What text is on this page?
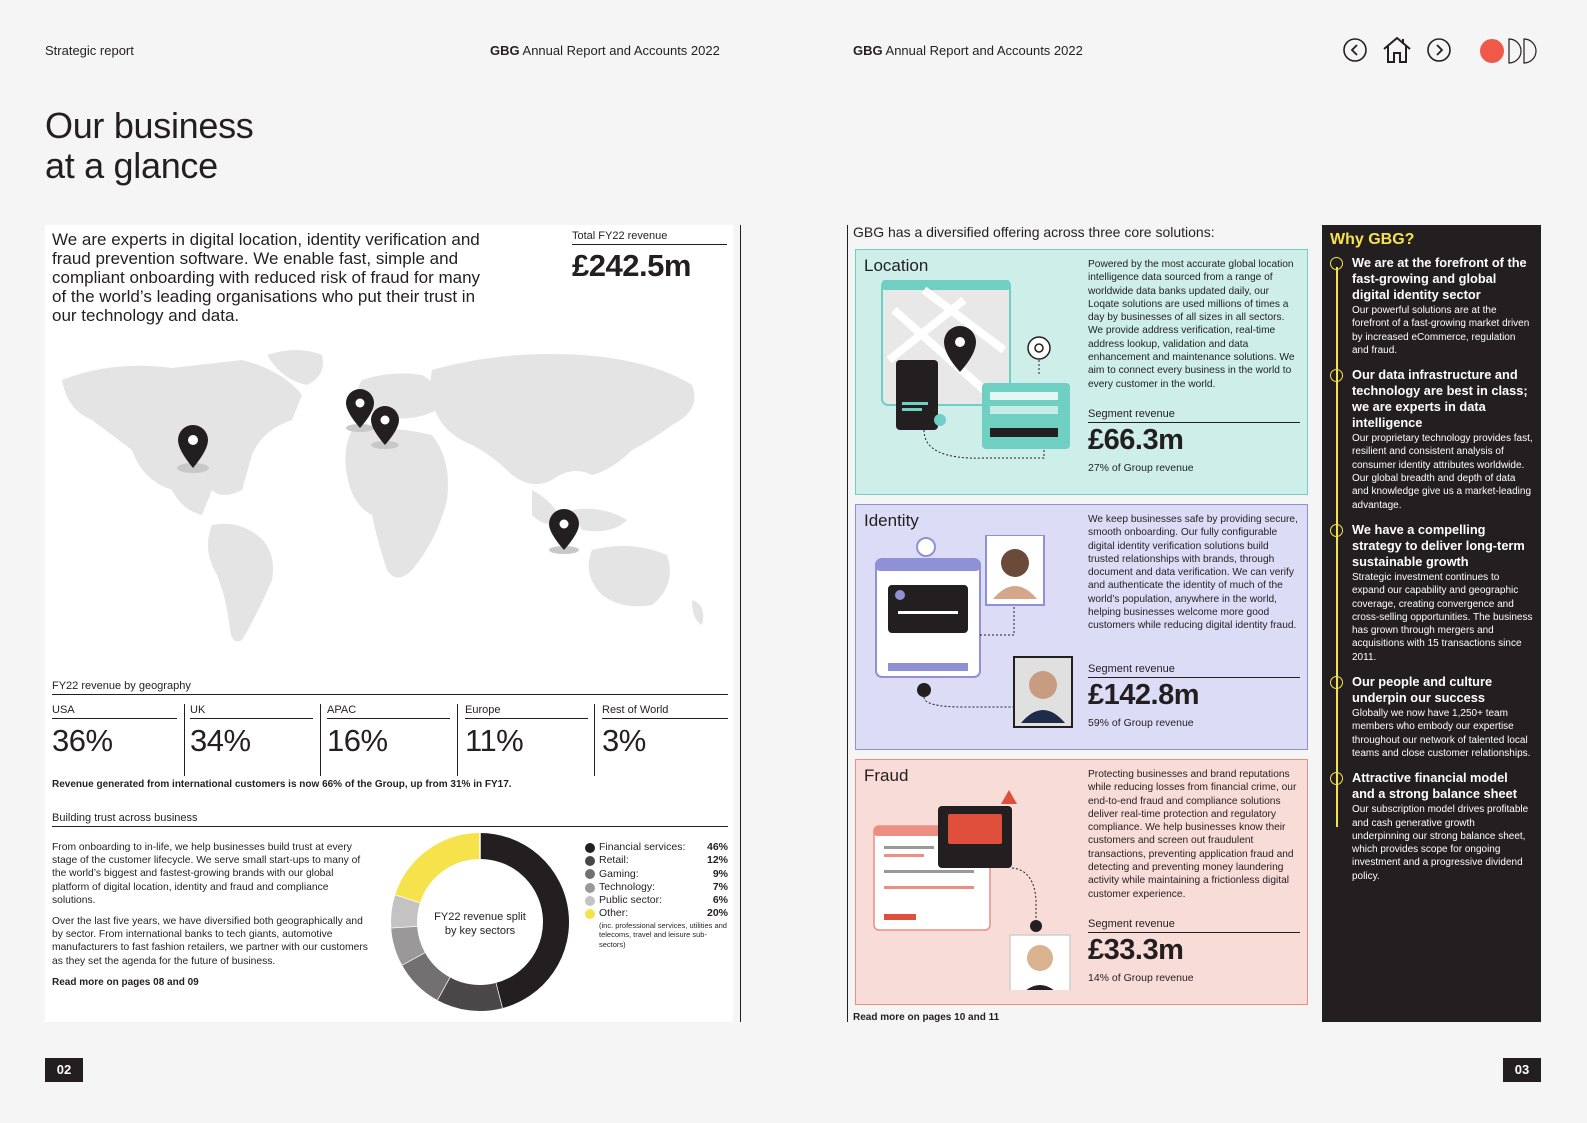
Strategic report	GBG Annual Report and Accounts 2022	GBG Annual Report and Accounts 2022
Our business
at a glance
We are experts in digital location, identity verification and fraud prevention software. We enable fast, simple and compliant onboarding with reduced risk of fraud for many of the world’s leading organisations who put their trust in our technology and data.
Total FY22 revenue
£242.5m
FY22 revenue by geography
USA
36%
UK
34%
APAC
16%
Europe
11%
Rest of World
3%
Revenue generated from international customers is now 66% of the Group, up from 31% in FY17.
Building trust across business

From onboarding to in-life, we help businesses build trust at every stage of the customer lifecycle. We serve small start-ups to many of the world’s biggest and fastest-growing brands with our global platform of digital location, identity and fraud and compliance solutions.

Over the last five years, we have diversified both geographically and by sector. From international banks to tech giants, automotive manufacturers to fast fashion retailers, we partner with our customers as they set the agenda for the future of business.

Read more on pages 08 and 09
FY22 revenue split
by key sectors
Financial services:	46%
Retail:	12%
Gaming:	9%
Technology:	7%
Public sector:	6%
Other:	20%
(inc. professional services, utilities and telecoms, travel and leisure sub-sectors)
GBG has a diversified offering across three core solutions:
Location	Powered by the most accurate global location intelligence data sourced from a range of worldwide data banks updated daily, our Loqate solutions are used millions of times a day by businesses of all sizes in all sectors. We provide address verification, real-time address lookup, validation and data enhancement and maintenance solutions. We aim to connect every business in the world to every customer in the world.
Segment revenue
£66.3m
27% of Group revenue
Identity	We keep businesses safe by providing secure, smooth onboarding. Our fully configurable digital identity verification solutions build trusted relationships with brands, through document and data verification. We can verify and authenticate the identity of much of the world’s population, anywhere in the world, helping businesses welcome more good customers while reducing digital identity fraud.
Segment revenue
£142.8m
59% of Group revenue
Fraud	Protecting businesses and brand reputations while reducing losses from financial crime, our end-to-end fraud and compliance solutions deliver real-time protection and regulatory compliance. We help businesses know their customers and screen out fraudulent transactions, preventing application fraud and detecting and preventing money laundering activity while maintaining a frictionless digital customer experience.
Segment revenue
£33.3m
14% of Group revenue
Read more on pages 10 and 11
Why GBG?
We are at the forefront of the fast-growing and global digital identity sector
Our powerful solutions are at the forefront of a fast-growing market driven by increased eCommerce, regulation and fraud.
Our data infrastructure and technology are best in class; we are experts in data intelligence
Our proprietary technology provides fast, resilient and consistent analysis of consumer identity attributes worldwide. Our global breadth and depth of data and knowledge give us a market-leading advantage.
We have a compelling strategy to deliver long-term sustainable growth
Strategic investment continues to expand our capability and geographic coverage, creating convergence and cross-selling opportunities. The business has grown through mergers and acquisitions with 15 transactions since 2011.
Our people and culture underpin our success
Globally we now have 1,250+ team members who embody our expertise throughout our network of talented local teams and close customer relationships.
Attractive financial model and a strong balance sheet
Our subscription model drives profitable and cash generative growth underpinning our strong balance sheet, which provides scope for ongoing investment and a progressive dividend policy.
02	03
